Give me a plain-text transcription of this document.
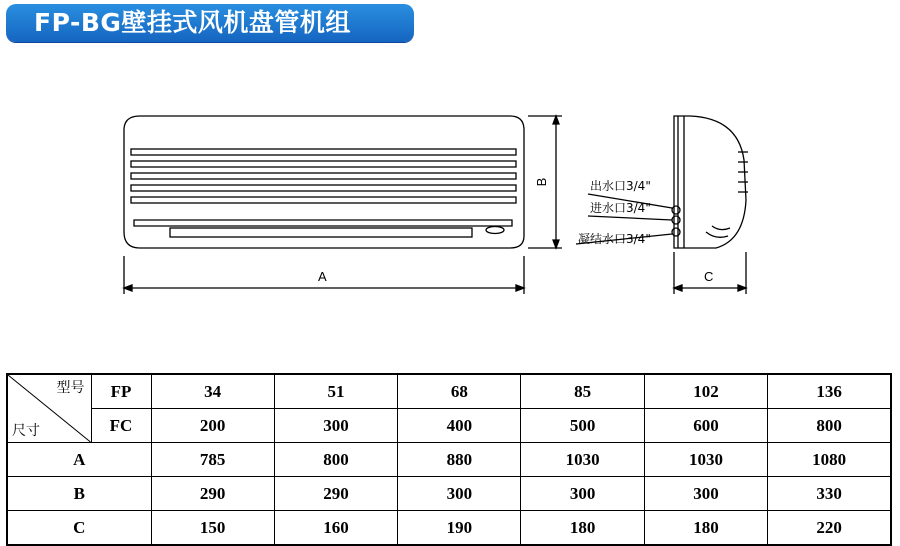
FP-BG壁挂式风机盘管机组
A
B
C
出水口3/4"
进水口3/4"
凝结水口3/4"
型号
尺寸	FP	34	51	68	85	102	136
	FC	200	300	400	500	600	800
A		785	800	880	1030	1030	1080
B		290	290	300	300	300	330
C		150	160	190	180	180	220
